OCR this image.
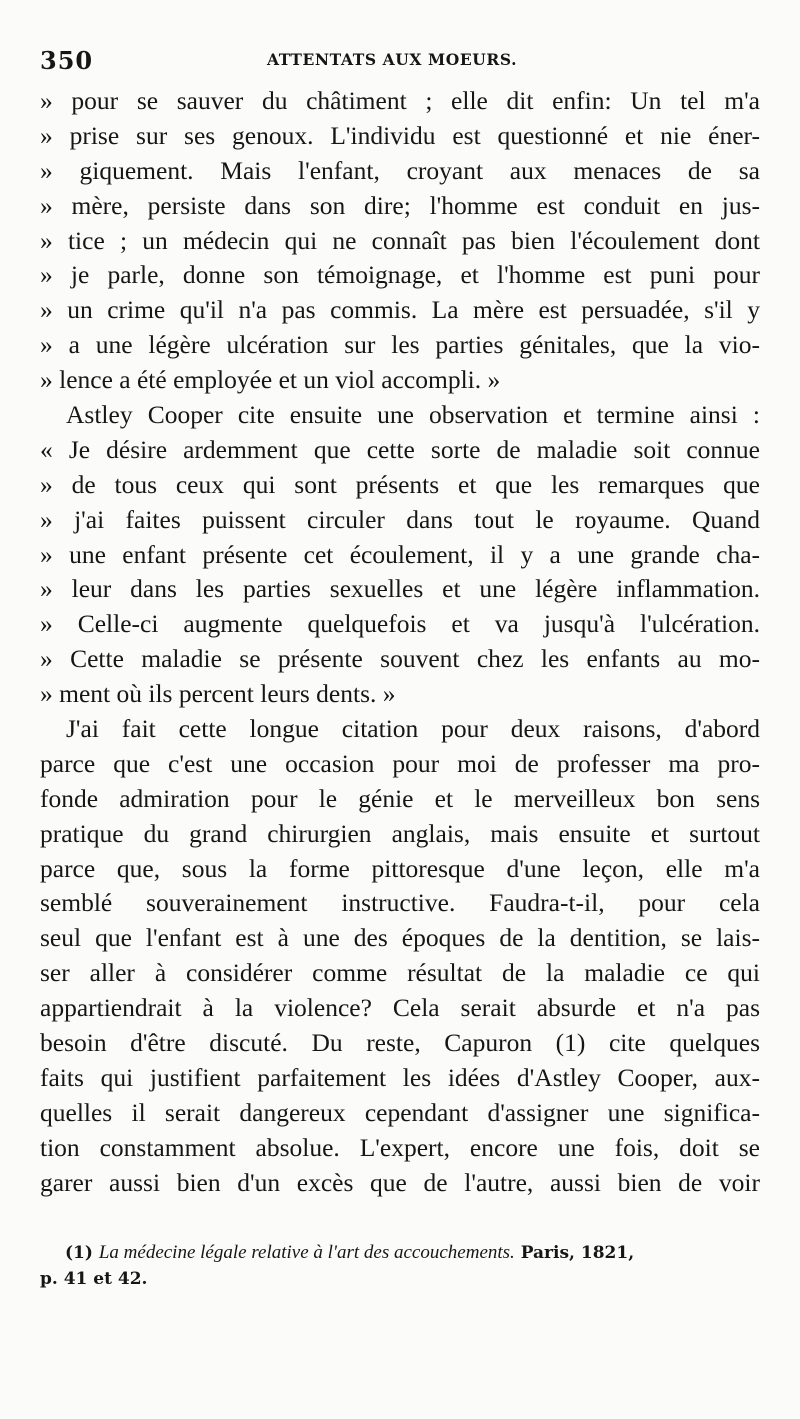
350	ATTENTATS AUX MOEURS.
» pour se sauver du châtiment ; elle dit enfin: Un tel m'a
» prise sur ses genoux. L'individu est questionné et nie éner-
» giquement. Mais l'enfant, croyant aux menaces de sa
» mère, persiste dans son dire; l'homme est conduit en jus-
» tice ; un médecin qui ne connaît pas bien l'écoulement dont
» je parle, donne son témoignage, et l'homme est puni pour
» un crime qu'il n'a pas commis. La mère est persuadée, s'il y
» a une légère ulcération sur les parties génitales, que la vio-
» lence a été employée et un viol accompli. »
Astley Cooper cite ensuite une observation et termine ainsi :
« Je désire ardemment que cette sorte de maladie soit connue
» de tous ceux qui sont présents et que les remarques que
» j'ai faites puissent circuler dans tout le royaume. Quand
» une enfant présente cet écoulement, il y a une grande cha-
» leur dans les parties sexuelles et une légère inflammation.
» Celle-ci augmente quelquefois et va jusqu'à l'ulcération.
» Cette maladie se présente souvent chez les enfants au mo-
» ment où ils percent leurs dents. »
J'ai fait cette longue citation pour deux raisons, d'abord
parce que c'est une occasion pour moi de professer ma pro-
fonde admiration pour le génie et le merveilleux bon sens
pratique du grand chirurgien anglais, mais ensuite et surtout
parce que, sous la forme pittoresque d'une leçon, elle m'a
semblé souverainement instructive. Faudra-t-il, pour cela
seul que l'enfant est à une des époques de la dentition, se lais-
ser aller à considérer comme résultat de la maladie ce qui
appartiendrait à la violence? Cela serait absurde et n'a pas
besoin d'être discuté. Du reste, Capuron (1) cite quelques
faits qui justifient parfaitement les idées d'Astley Cooper, aux-
quelles il serait dangereux cependant d'assigner une significa-
tion constamment absolue. L'expert, encore une fois, doit se
garer aussi bien d'un excès que de l'autre, aussi bien de voir
(1) La médecine légale relative à l'art des accouchements. Paris, 1821,
p. 41 et 42.
